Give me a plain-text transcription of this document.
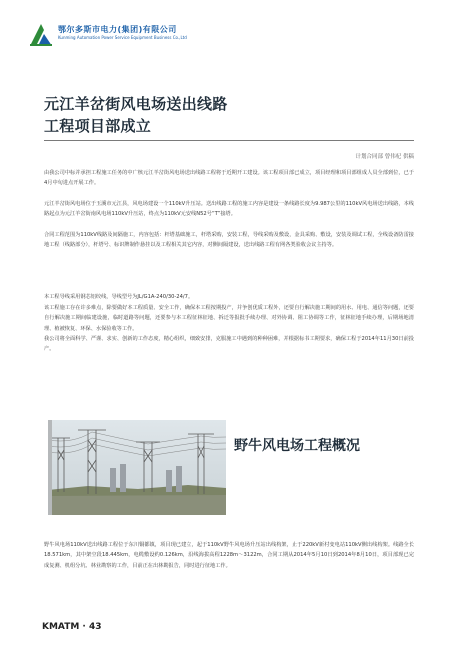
鄂尔多斯市电力(集团)有限公司
Kunming Automation Power Service Equipment Business Co.,Ltd
元江羊岔街风电场送出线路
工程项目部成立
计划合同部 曾伟杞 供稿
由我公司中标并承担工程施工任务的中广核元江羊岔街风电场送出线路工程将于近期开工建设。该工程项目部已成立，项目经理和项目部组成人员全部到位，已于4月中旬进点开展工作。
元江羊岔街风电场位于玉溪市元江县，风电场建设一个110kV升压站。送出线路工程的施工内容是建设一条线路长度为9.987公里的110kV风电场送出线路，本线路起点为元江羊岔街南风电场110kV升压站，终点为110kV元安线N52号“T”接塔。
合同工程范围为110kV线路及间隔施工，内容包括：杆塔基础施工，杆塔采购，安装工程，导线采购及敷设，金具采购、敷设，安装及调试工程，全线设备防雷接地工程（线路部分），杆塔号、标识牌制作悬挂以及工程相关其它内容，对侧间隔建设，送出线路工程有网各类验收会议主持等。
本工程导线采用钢芯铝绞线，导线型号为JL/G1A-240/30-24/7。
该工程施工存在许多难点，除要做好本工程质量、安全工作，确保本工程按期投产，并争创优质工程外，还要自行解决施工期间的用水、用电、通信等问题，还要自行解决施工期间临建设施，临时道路等问题，还要参与本工程征林征地、拆迁等报批手续办理、对外协调、阻工协调等工作，征林征地手续办理，后期场地清理、植被恢复、环保、水保验收等工作。
我公司将全面科学、严谨、求实、创新的工作态度，精心组织，细致安排，克服施工中遇到的种种困难，并根据标书工期要求，确保工程于2014年11月30日前投产。
野牛风电场工程概况
野牛风电场110kV送出线路工程位于东川铜都镇，项目现已建立，起于110kV野牛风电场升压站出线构架，止于220kV新村变电站110kV侧出线构架。线路全长18.571km，其中架空段18.445km，电缆敷设约0.126km，沿线海拔高程1228m～3122m，合同工期从2014年5月10日到2014年8月10日，项目部现已完成复测、机组分坑、林业勘察的工作，目前正在出林勘报告，同时进行征地工作。
KMATM · 43
